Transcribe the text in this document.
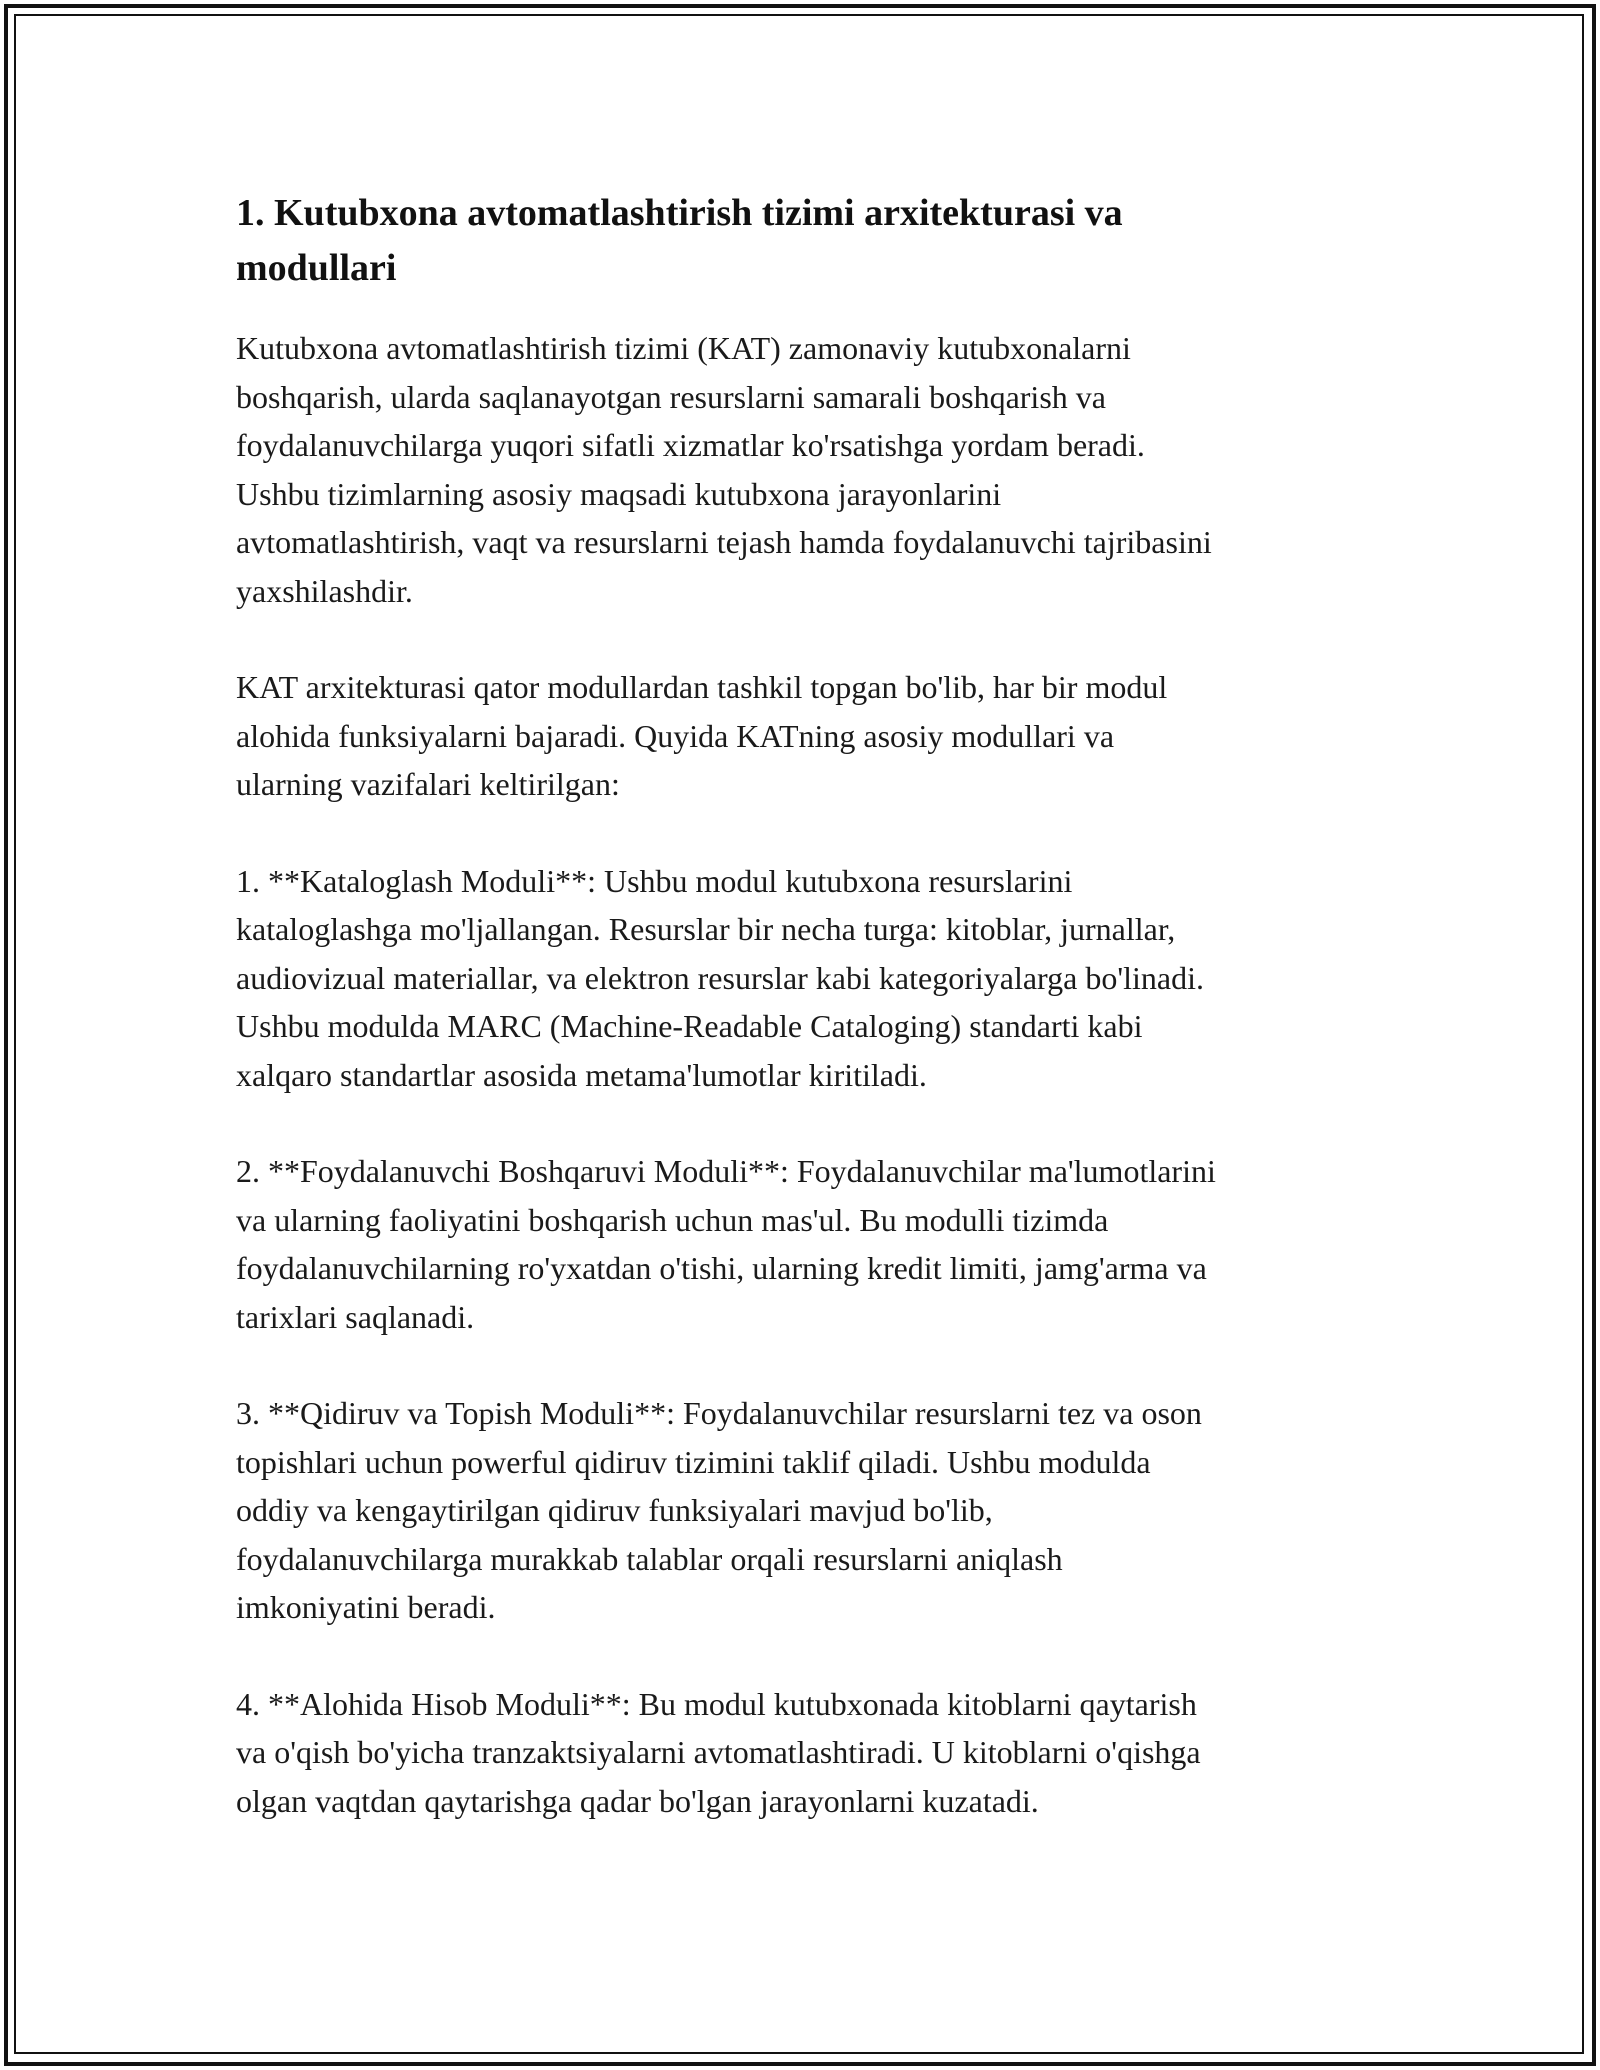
1. Kutubxona avtomatlashtirish tizimi arxitekturasi va
modullari

Kutubxona avtomatlashtirish tizimi (KAT) zamonaviy kutubxonalarni
boshqarish, ularda saqlanayotgan resurslarni samarali boshqarish va
foydalanuvchilarga yuqori sifatli xizmatlar ko'rsatishga yordam beradi.
Ushbu tizimlarning asosiy maqsadi kutubxona jarayonlarini
avtomatlashtirish, vaqt va resurslarni tejash hamda foydalanuvchi tajribasini
yaxshilashdir.

KAT arxitekturasi qator modullardan tashkil topgan bo'lib, har bir modul
alohida funksiyalarni bajaradi. Quyida KATning asosiy modullari va
ularning vazifalari keltirilgan:

1. **Kataloglash Moduli**: Ushbu modul kutubxona resurslarini
kataloglashga mo'ljallangan. Resurslar bir necha turga: kitoblar, jurnallar,
audiovizual materiallar, va elektron resurslar kabi kategoriyalarga bo'linadi.
Ushbu modulda MARC (Machine-Readable Cataloging) standarti kabi
xalqaro standartlar asosida metama'lumotlar kiritiladi.

2. **Foydalanuvchi Boshqaruvi Moduli**: Foydalanuvchilar ma'lumotlarini
va ularning faoliyatini boshqarish uchun mas'ul. Bu modulli tizimda
foydalanuvchilarning ro'yxatdan o'tishi, ularning kredit limiti, jamg'arma va
tarixlari saqlanadi.

3. **Qidiruv va Topish Moduli**: Foydalanuvchilar resurslarni tez va oson
topishlari uchun powerful qidiruv tizimini taklif qiladi. Ushbu modulda
oddiy va kengaytirilgan qidiruv funksiyalari mavjud bo'lib,
foydalanuvchilarga murakkab talablar orqali resurslarni aniqlash
imkoniyatini beradi.

4. **Alohida Hisob Moduli**: Bu modul kutubxonada kitoblarni qaytarish
va o'qish bo'yicha tranzaktsiyalarni avtomatlashtiradi. U kitoblarni o'qishga
olgan vaqtdan qaytarishga qadar bo'lgan jarayonlarni kuzatadi.
